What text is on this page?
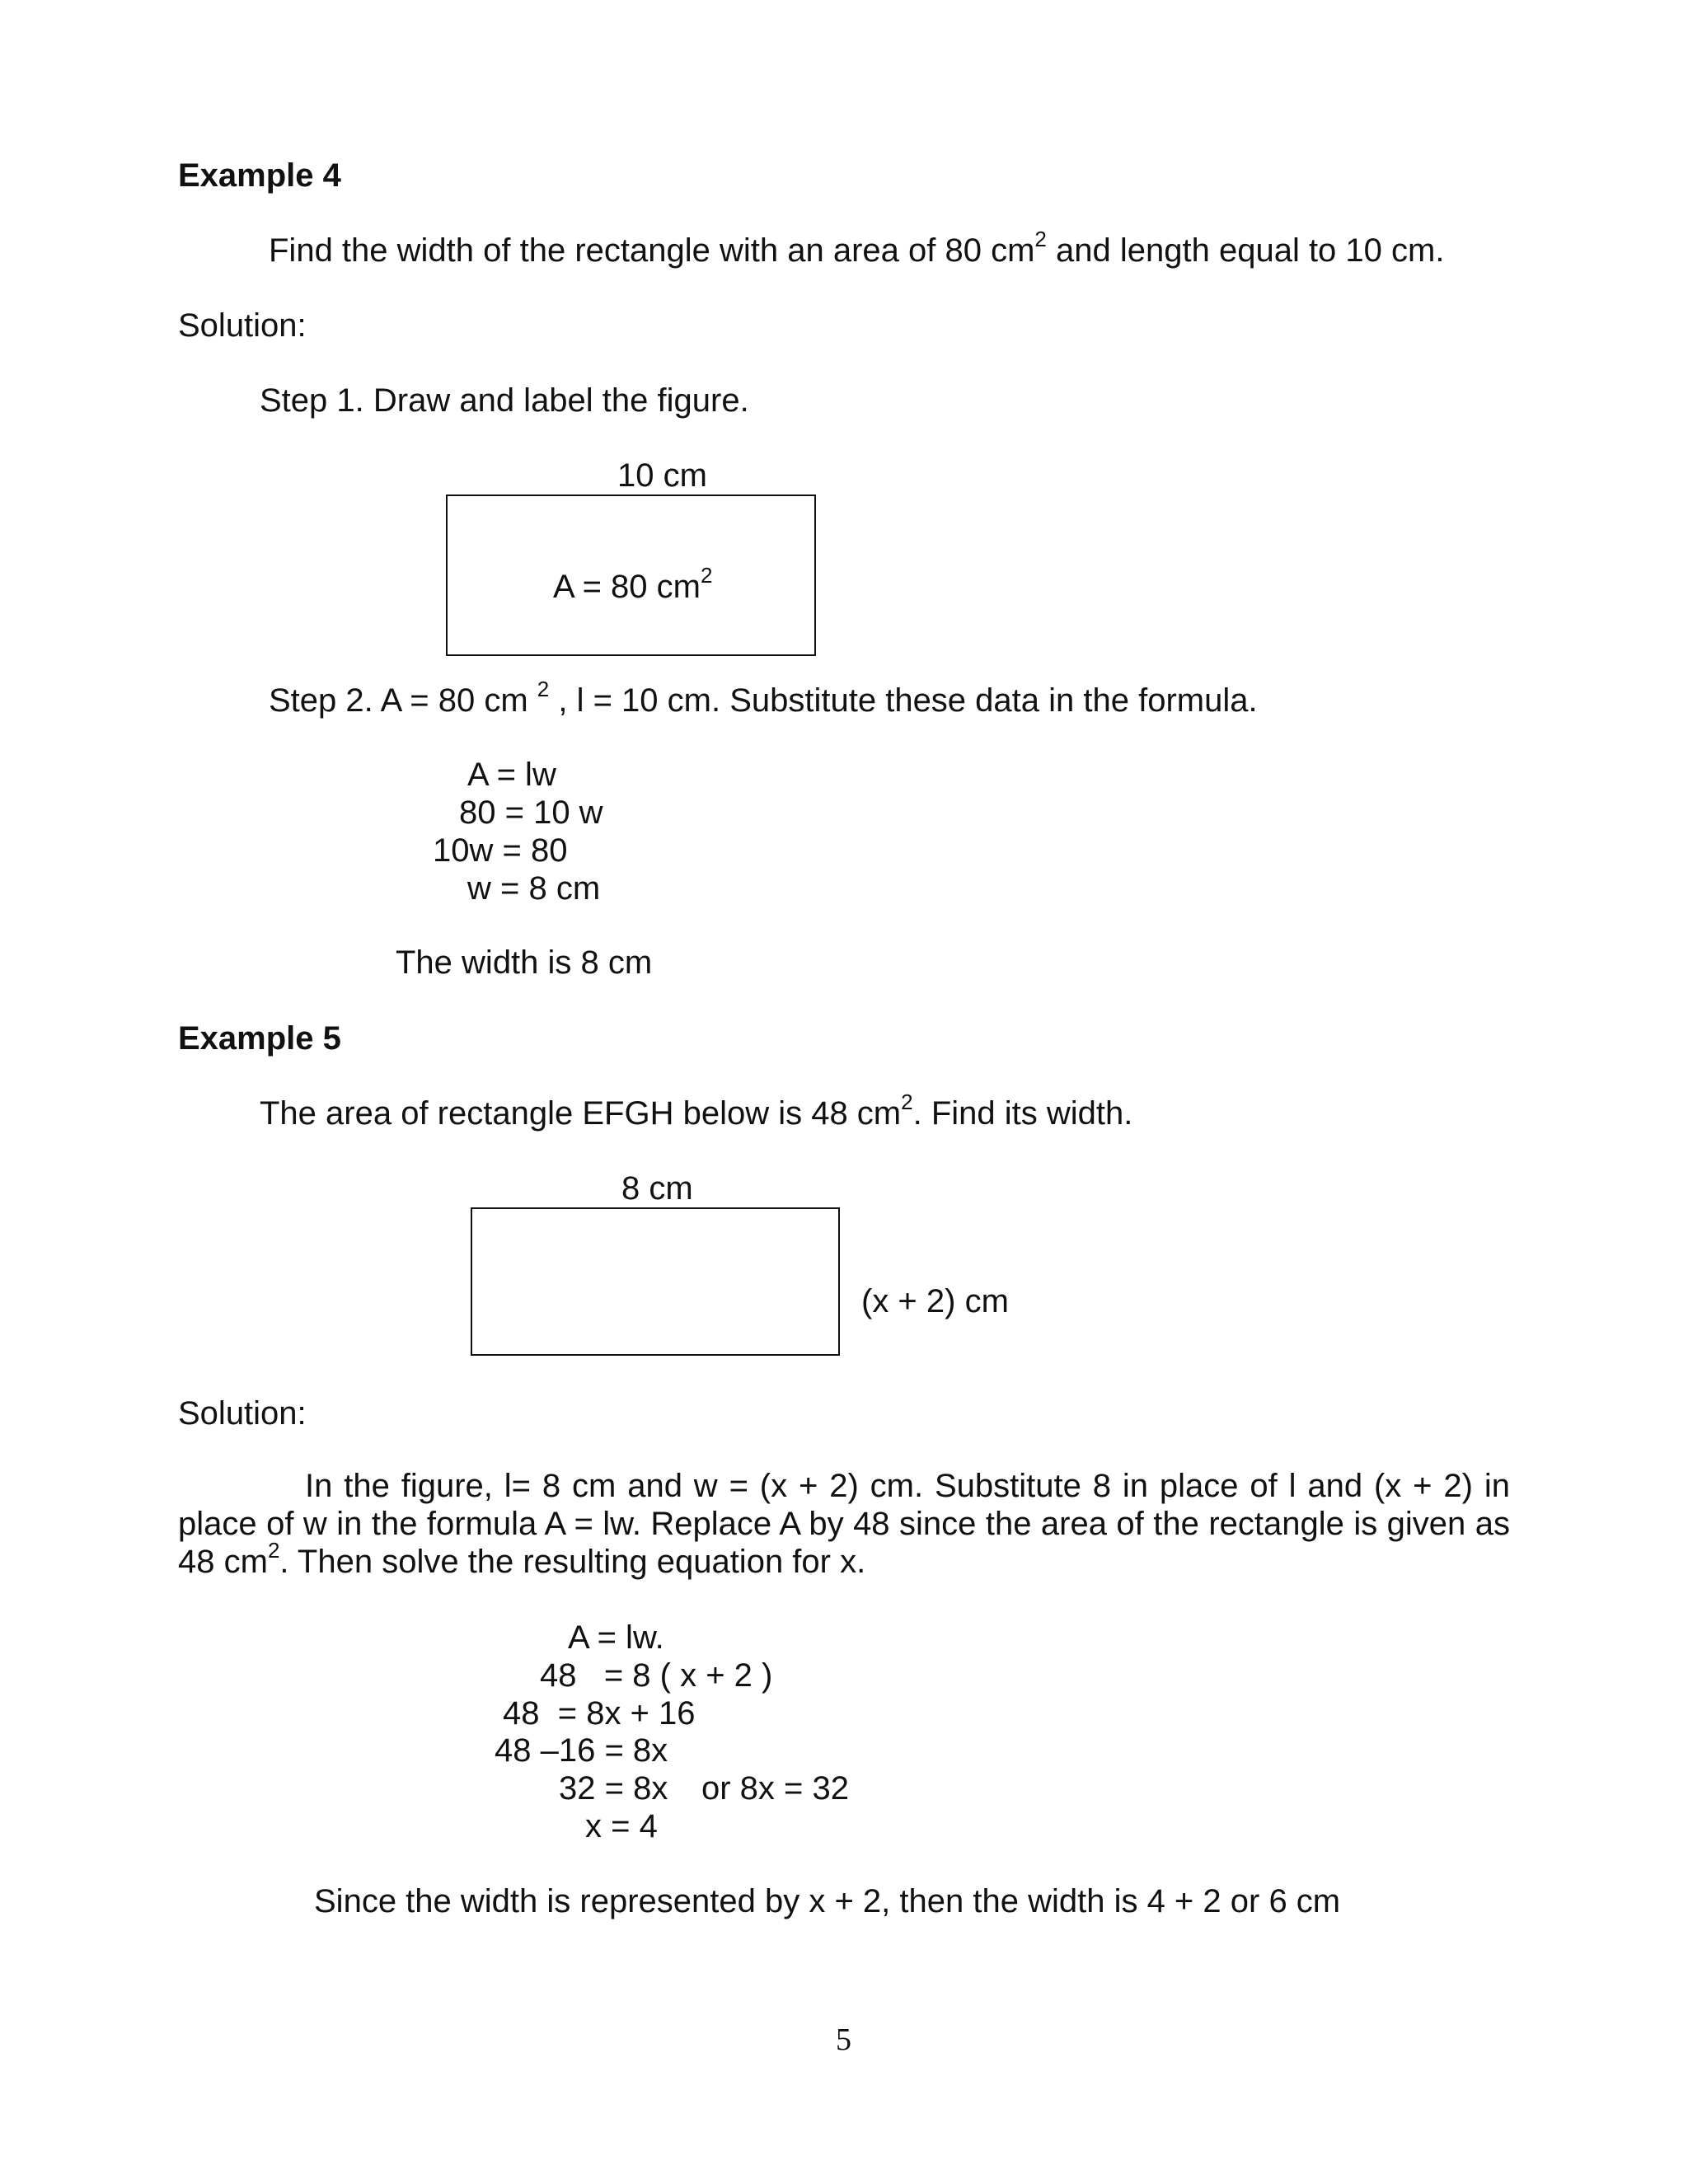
Example 4
Find the width of the rectangle with an area of 80 $cm^2$ and length equal to 10 cm.
Solution:
Step 1. Draw and label the figure.
10 cm
A = 80 $cm^2$
Step 2. A = 80 cm $^2$ , l = 10 cm. Substitute these data in the formula.
A = lw
80 = 10 w
10w = 80
w = 8 cm
The width is 8 cm
Example 5
The area of rectangle EFGH below is 48 $cm^2$. Find its width.
8 cm
(x + 2) cm
Solution:
In the figure, l= 8 cm and w = (x + 2) cm. Substitute 8 in place of l and (x + 2) in place of w in the formula A = lw. Replace A by 48 since the area of the rectangle is given as 48 $cm^2$. Then solve the resulting equation for x.
A = lw.
48   = 8 ( x + 2 )
48  = 8x + 16
48 –16 = 8x
32 = 8x or 8x = 32
x = 4
Since the width is represented by x + 2, then the width is 4 + 2 or 6 cm
5
